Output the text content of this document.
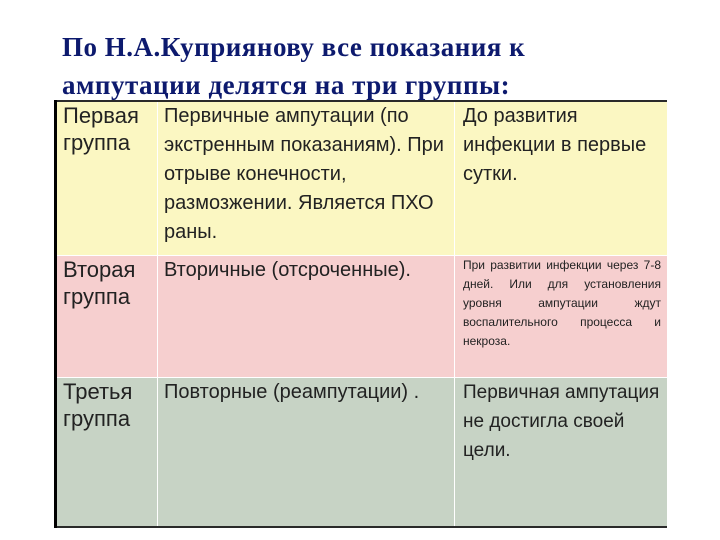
По Н.А.Куприянову все показания к
ампутации делятся на три группы:
Первая группа	Первичные ампутации (по экстренным показаниям). При отрыве конечности, размозжении. Является ПХО раны.	До развития инфекции в первые сутки.
Вторая группа	Вторичные (отсроченные).	При развитии инфекции через 7-8 дней. Или для установления уровня ампутации ждут воспалительного процесса и некроза.
Третья группа	Повторные (реампутации) .	Первичная ампутация не достигла своей цели.
